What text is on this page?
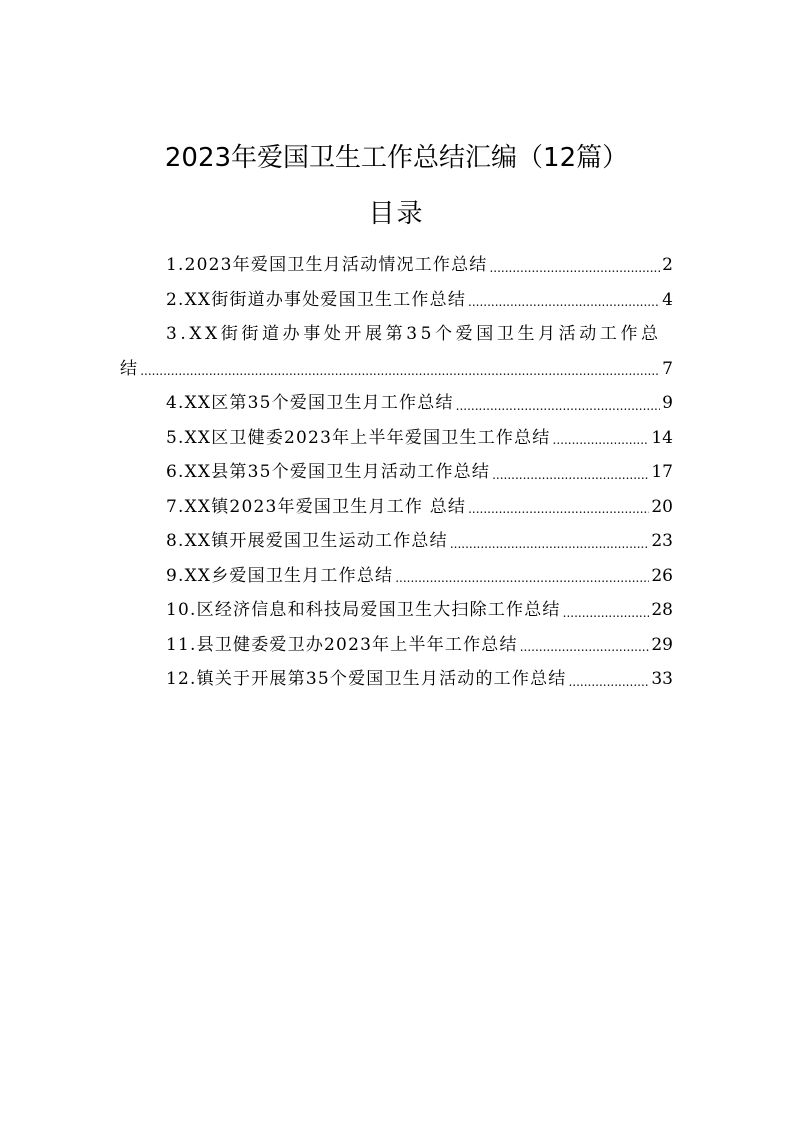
2023年爱国卫生工作总结汇编（12篇）
目录
1.2023年爱国卫生月活动情况工作总结 .....	2
2.XX街街道办事处爱国卫生工作总结 .....	4
3.XX街街道办事处开展第35个爱国卫生月活动工作总
结 .....	7
4.XX区第35个爱国卫生月工作总结 .....	9
5.XX区卫健委2023年上半年爱国卫生工作总结 .....	14
6.XX县第35个爱国卫生月活动工作总结 .....	17
7.XX镇2023年爱国卫生月工作 总结 .....	20
8.XX镇开展爱国卫生运动工作总结 .....	23
9.XX乡爱国卫生月工作总结 .....	26
10.区经济信息和科技局爱国卫生大扫除工作总结 .....	28
11.县卫健委爱卫办2023年上半年工作总结 .....	29
12.镇关于开展第35个爱国卫生月活动的工作总结 .....	33
